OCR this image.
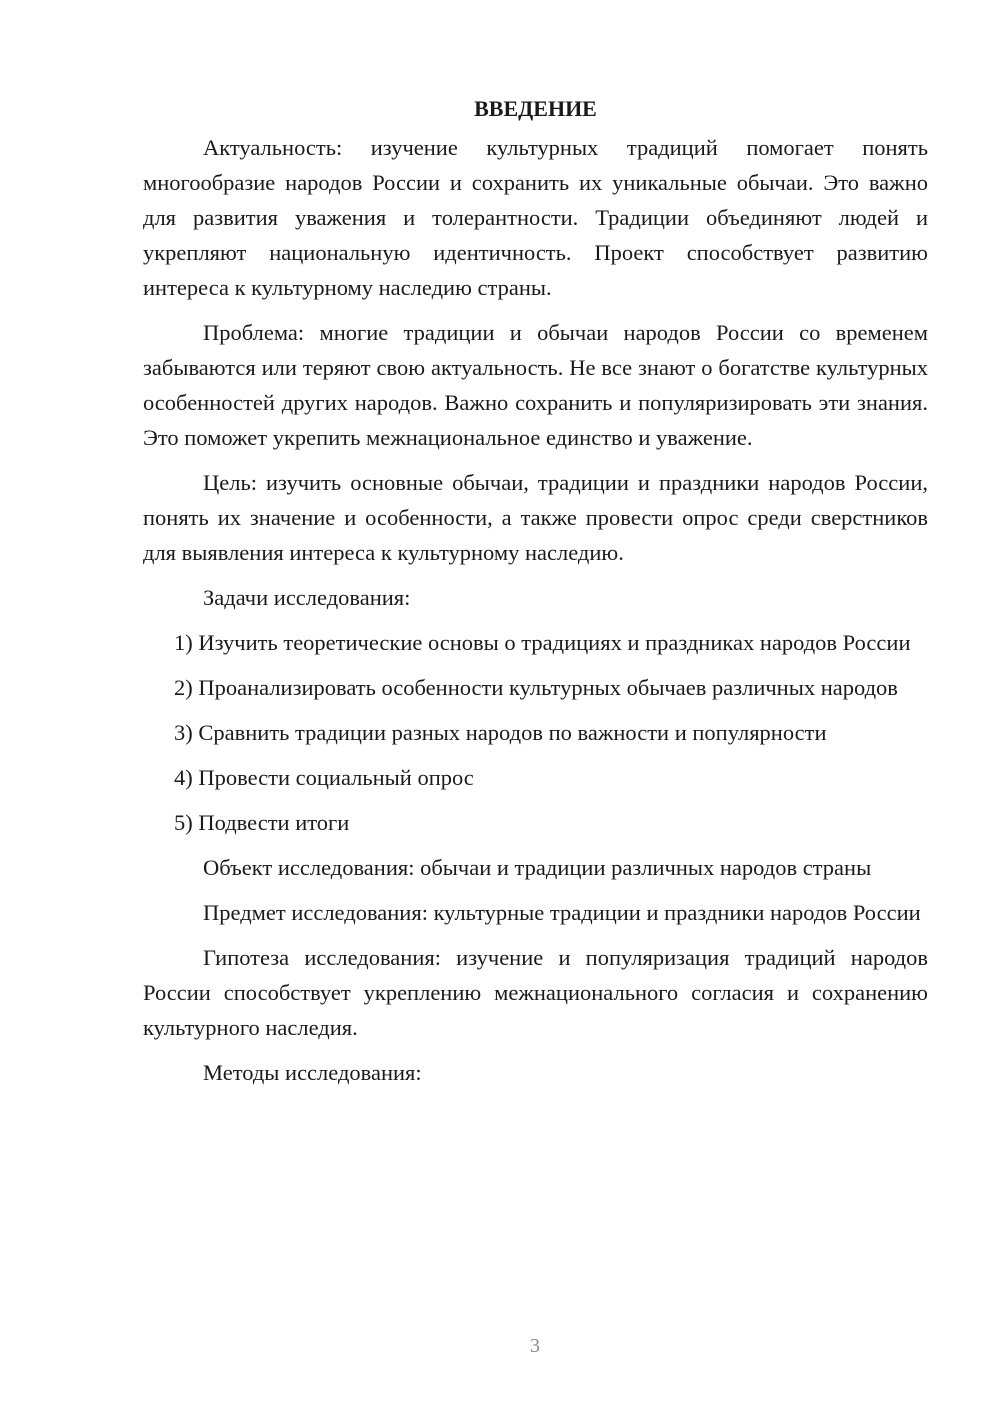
ВВЕДЕНИЕ

Актуальность: изучение культурных традиций помогает понять многообразие народов России и сохранить их уникальные обычаи. Это важно для развития уважения и толерантности. Традиции объединяют людей и укрепляют национальную идентичность. Проект способствует развитию интереса к культурному наследию страны.

Проблема: многие традиции и обычаи народов России со временем забываются или теряют свою актуальность. Не все знают о богатстве культурных особенностей других народов. Важно сохранить и популяризировать эти знания. Это поможет укрепить межнациональное единство и уважение.

Цель: изучить основные обычаи, традиции и праздники народов России, понять их значение и особенности, а также провести опрос среди сверстников для выявления интереса к культурному наследию.

Задачи исследования:

1) Изучить теоретические основы о традициях и праздниках народов России

2) Проанализировать особенности культурных обычаев различных народов

3) Сравнить традиции разных народов по важности и популярности

4) Провести социальный опрос

5) Подвести итоги

Объект исследования: обычаи и традиции различных народов страны

Предмет исследования: культурные традиции и праздники народов России

Гипотеза исследования: изучение и популяризация традиций народов России способствует укреплению межнационального согласия и сохранению культурного наследия.

Методы исследования:

3
